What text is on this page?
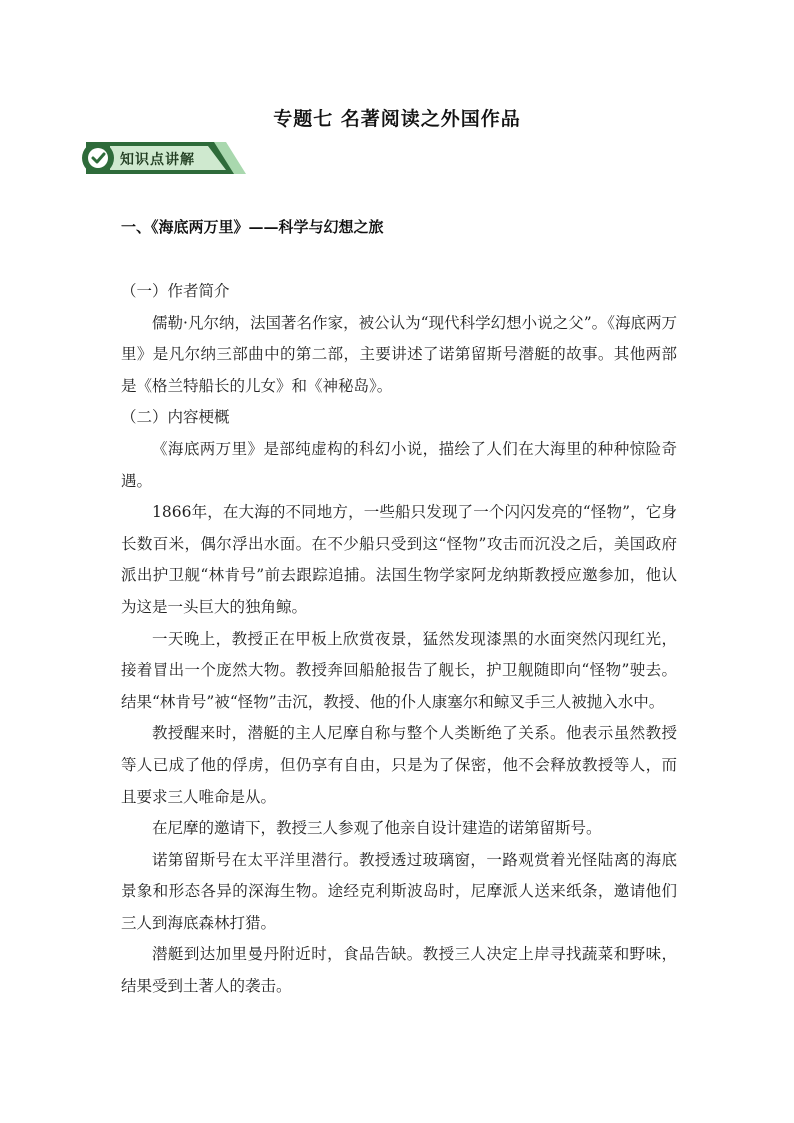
专题七 名著阅读之外国作品
知识点讲解
一、《海底两万里》——科学与幻想之旅

（一）作者简介

儒勒·凡尔纳，法国著名作家，被公认为“现代科学幻想小说之父”。《海底两万里》是凡尔纳三部曲中的第二部，主要讲述了诺第留斯号潜艇的故事。其他两部是《格兰特船长的儿女》和《神秘岛》。

（二）内容梗概

《海底两万里》是部纯虚构的科幻小说，描绘了人们在大海里的种种惊险奇遇。

1866年，在大海的不同地方，一些船只发现了一个闪闪发亮的“怪物”，它身长数百米，偶尔浮出水面。在不少船只受到这“怪物”攻击而沉没之后，美国政府派出护卫舰“林肯号”前去跟踪追捕。法国生物学家阿龙纳斯教授应邀参加，他认为这是一头巨大的独角鲸。

一天晚上，教授正在甲板上欣赏夜景，猛然发现漆黑的水面突然闪现红光，接着冒出一个庞然大物。教授奔回船舱报告了舰长，护卫舰随即向“怪物”驶去。结果“林肯号”被“怪物”击沉，教授、他的仆人康塞尔和鲸叉手三人被抛入水中。

教授醒来时，潜艇的主人尼摩自称与整个人类断绝了关系。他表示虽然教授等人已成了他的俘虏，但仍享有自由，只是为了保密，他不会释放教授等人，而且要求三人唯命是从。

在尼摩的邀请下，教授三人参观了他亲自设计建造的诺第留斯号。

诺第留斯号在太平洋里潜行。教授透过玻璃窗，一路观赏着光怪陆离的海底景象和形态各异的深海生物。途经克利斯波岛时，尼摩派人送来纸条，邀请他们三人到海底森林打猎。

潜艇到达加里曼丹附近时，食品告缺。教授三人决定上岸寻找蔬菜和野味，结果受到土著人的袭击。
